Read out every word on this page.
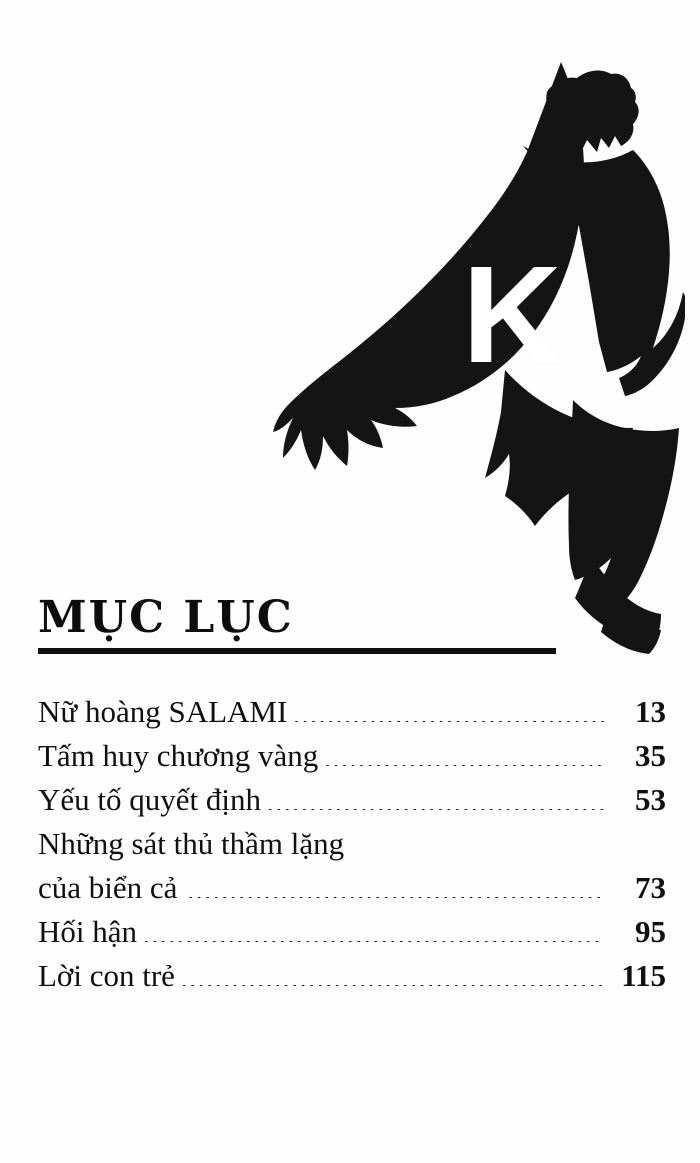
K
MỤC LỤC
Nữ hoàng SALAMI .....	13
Tấm huy chương vàng .....	35
Yếu tố quyết định .....	53
Những sát thủ thầm lặng
của biển cả .....	73
Hối hận .....	95
Lời con trẻ .....	115
